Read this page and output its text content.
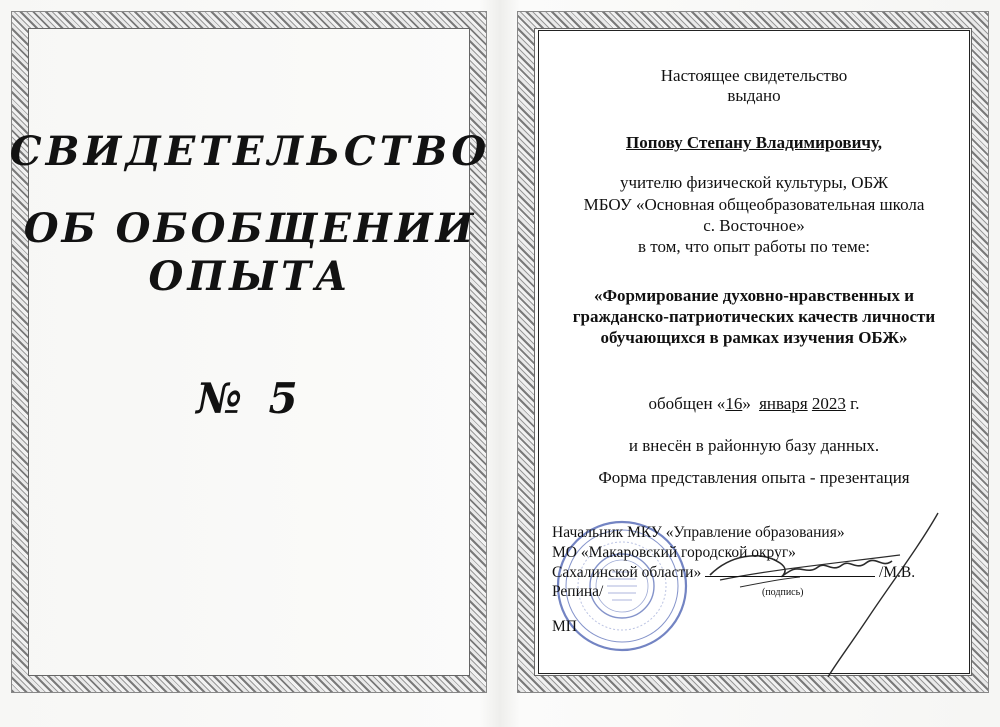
СВИДЕТЕЛЬСТВО
ОБ ОБОБЩЕНИИ
ОПЫТА
№ 5
Настоящее свидетельство
выдано
Попову Степану Владимировичу,
учителю физической культуры, ОБЖ
МБОУ «Основная общеобразовательная школа
с. Восточное»
в том, что опыт работы по теме:
«Формирование духовно-нравственных и
гражданско-патриотических качеств личности
обучающихся в рамках изучения ОБЖ»
обобщен «16» января 2023 г.
и внесён в районную базу данных.
Форма представления опыта - презентация
Начальник МКУ «Управление образования»
МО «Макаровский городской округ»
Сахалинской области»	/М.В. Репина/	(подпись)
МП
